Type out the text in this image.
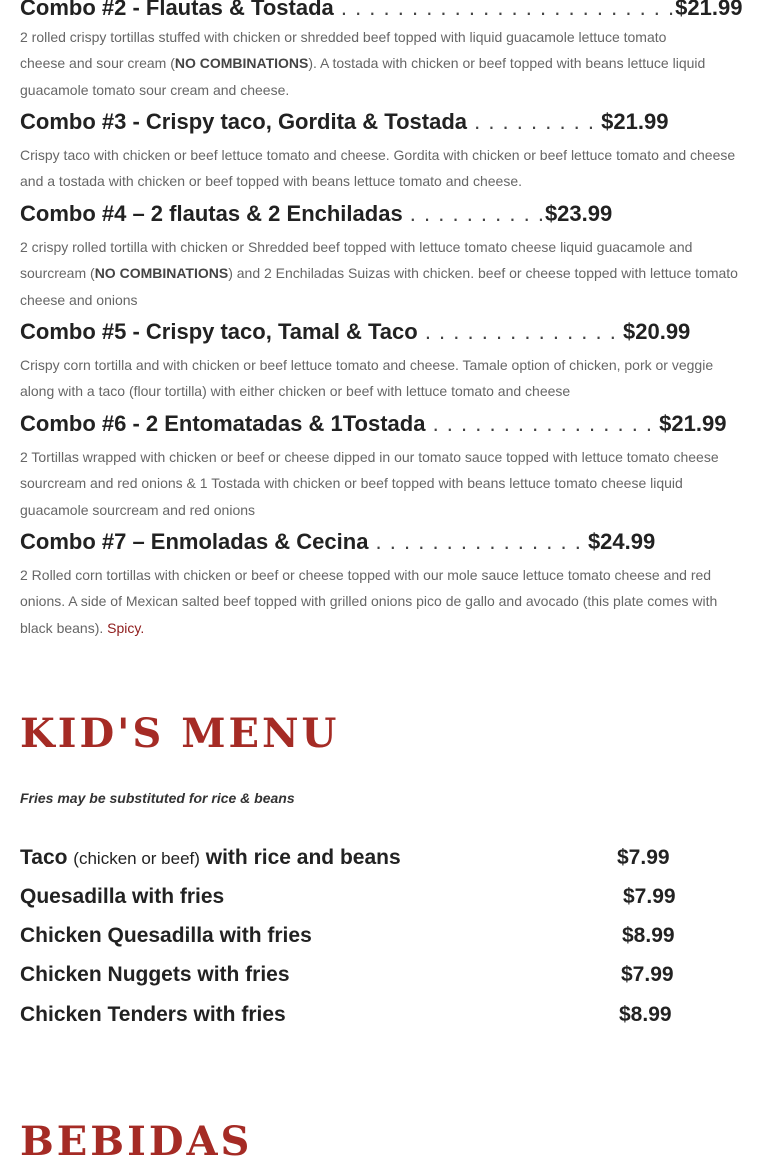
Combo #2 - Flautas & Tostada . . . . . . . . . . . . . . . . . . . . . . . .$21.99
2 rolled crispy tortillas stuffed with chicken or shredded beef topped with liquid guacamole lettuce tomato cheese and sour cream (NO COMBINATIONS). A tostada with chicken or beef topped with beans lettuce liquid guacamole tomato sour cream and cheese.
Combo #3 - Crispy taco, Gordita & Tostada . . . . . . . . . $21.99
Crispy taco with chicken or beef lettuce tomato and cheese. Gordita with chicken or beef lettuce tomato and cheese and a tostada with chicken or beef topped with beans lettuce tomato and cheese.
Combo #4 – 2 flautas & 2 Enchiladas . . . . . . . . . .$23.99
2 crispy rolled tortilla with chicken or Shredded beef topped with lettuce tomato cheese liquid guacamole and sourcream (NO COMBINATIONS) and 2 Enchiladas Suizas with chicken. beef or cheese topped with lettuce tomato cheese and onions
Combo #5 - Crispy taco, Tamal & Taco . . . . . . . . . . . . . . $20.99
Crispy corn tortilla and with chicken or beef lettuce tomato and cheese. Tamale option of chicken, pork or veggie along with a taco (flour tortilla) with either chicken or beef with lettuce tomato and cheese
Combo #6 - 2 Entomatadas & 1Tostada . . . . . . . . . . . . . . . . $21.99
2 Tortillas wrapped with chicken or beef or cheese dipped in our tomato sauce topped with lettuce tomato cheese sourcream and red onions & 1 Tostada with chicken or beef topped with beans lettuce tomato cheese liquid guacamole sourcream and red onions
Combo #7 – Enmoladas & Cecina . . . . . . . . . . . . . . . $24.99
2 Rolled corn tortillas with chicken or beef or cheese topped with our mole sauce lettuce tomato cheese and red onions. A side of Mexican salted beef topped with grilled onions pico de gallo and avocado (this plate comes with black beans). Spicy.
KID'S MENU
Fries may be substituted for rice & beans
Taco (chicken or beef) with rice and beans	$7.99
Quesadilla with fries	$7.99
Chicken Quesadilla with fries	$8.99
Chicken Nuggets with fries	$7.99
Chicken Tenders with fries	$8.99
BEBIDAS
